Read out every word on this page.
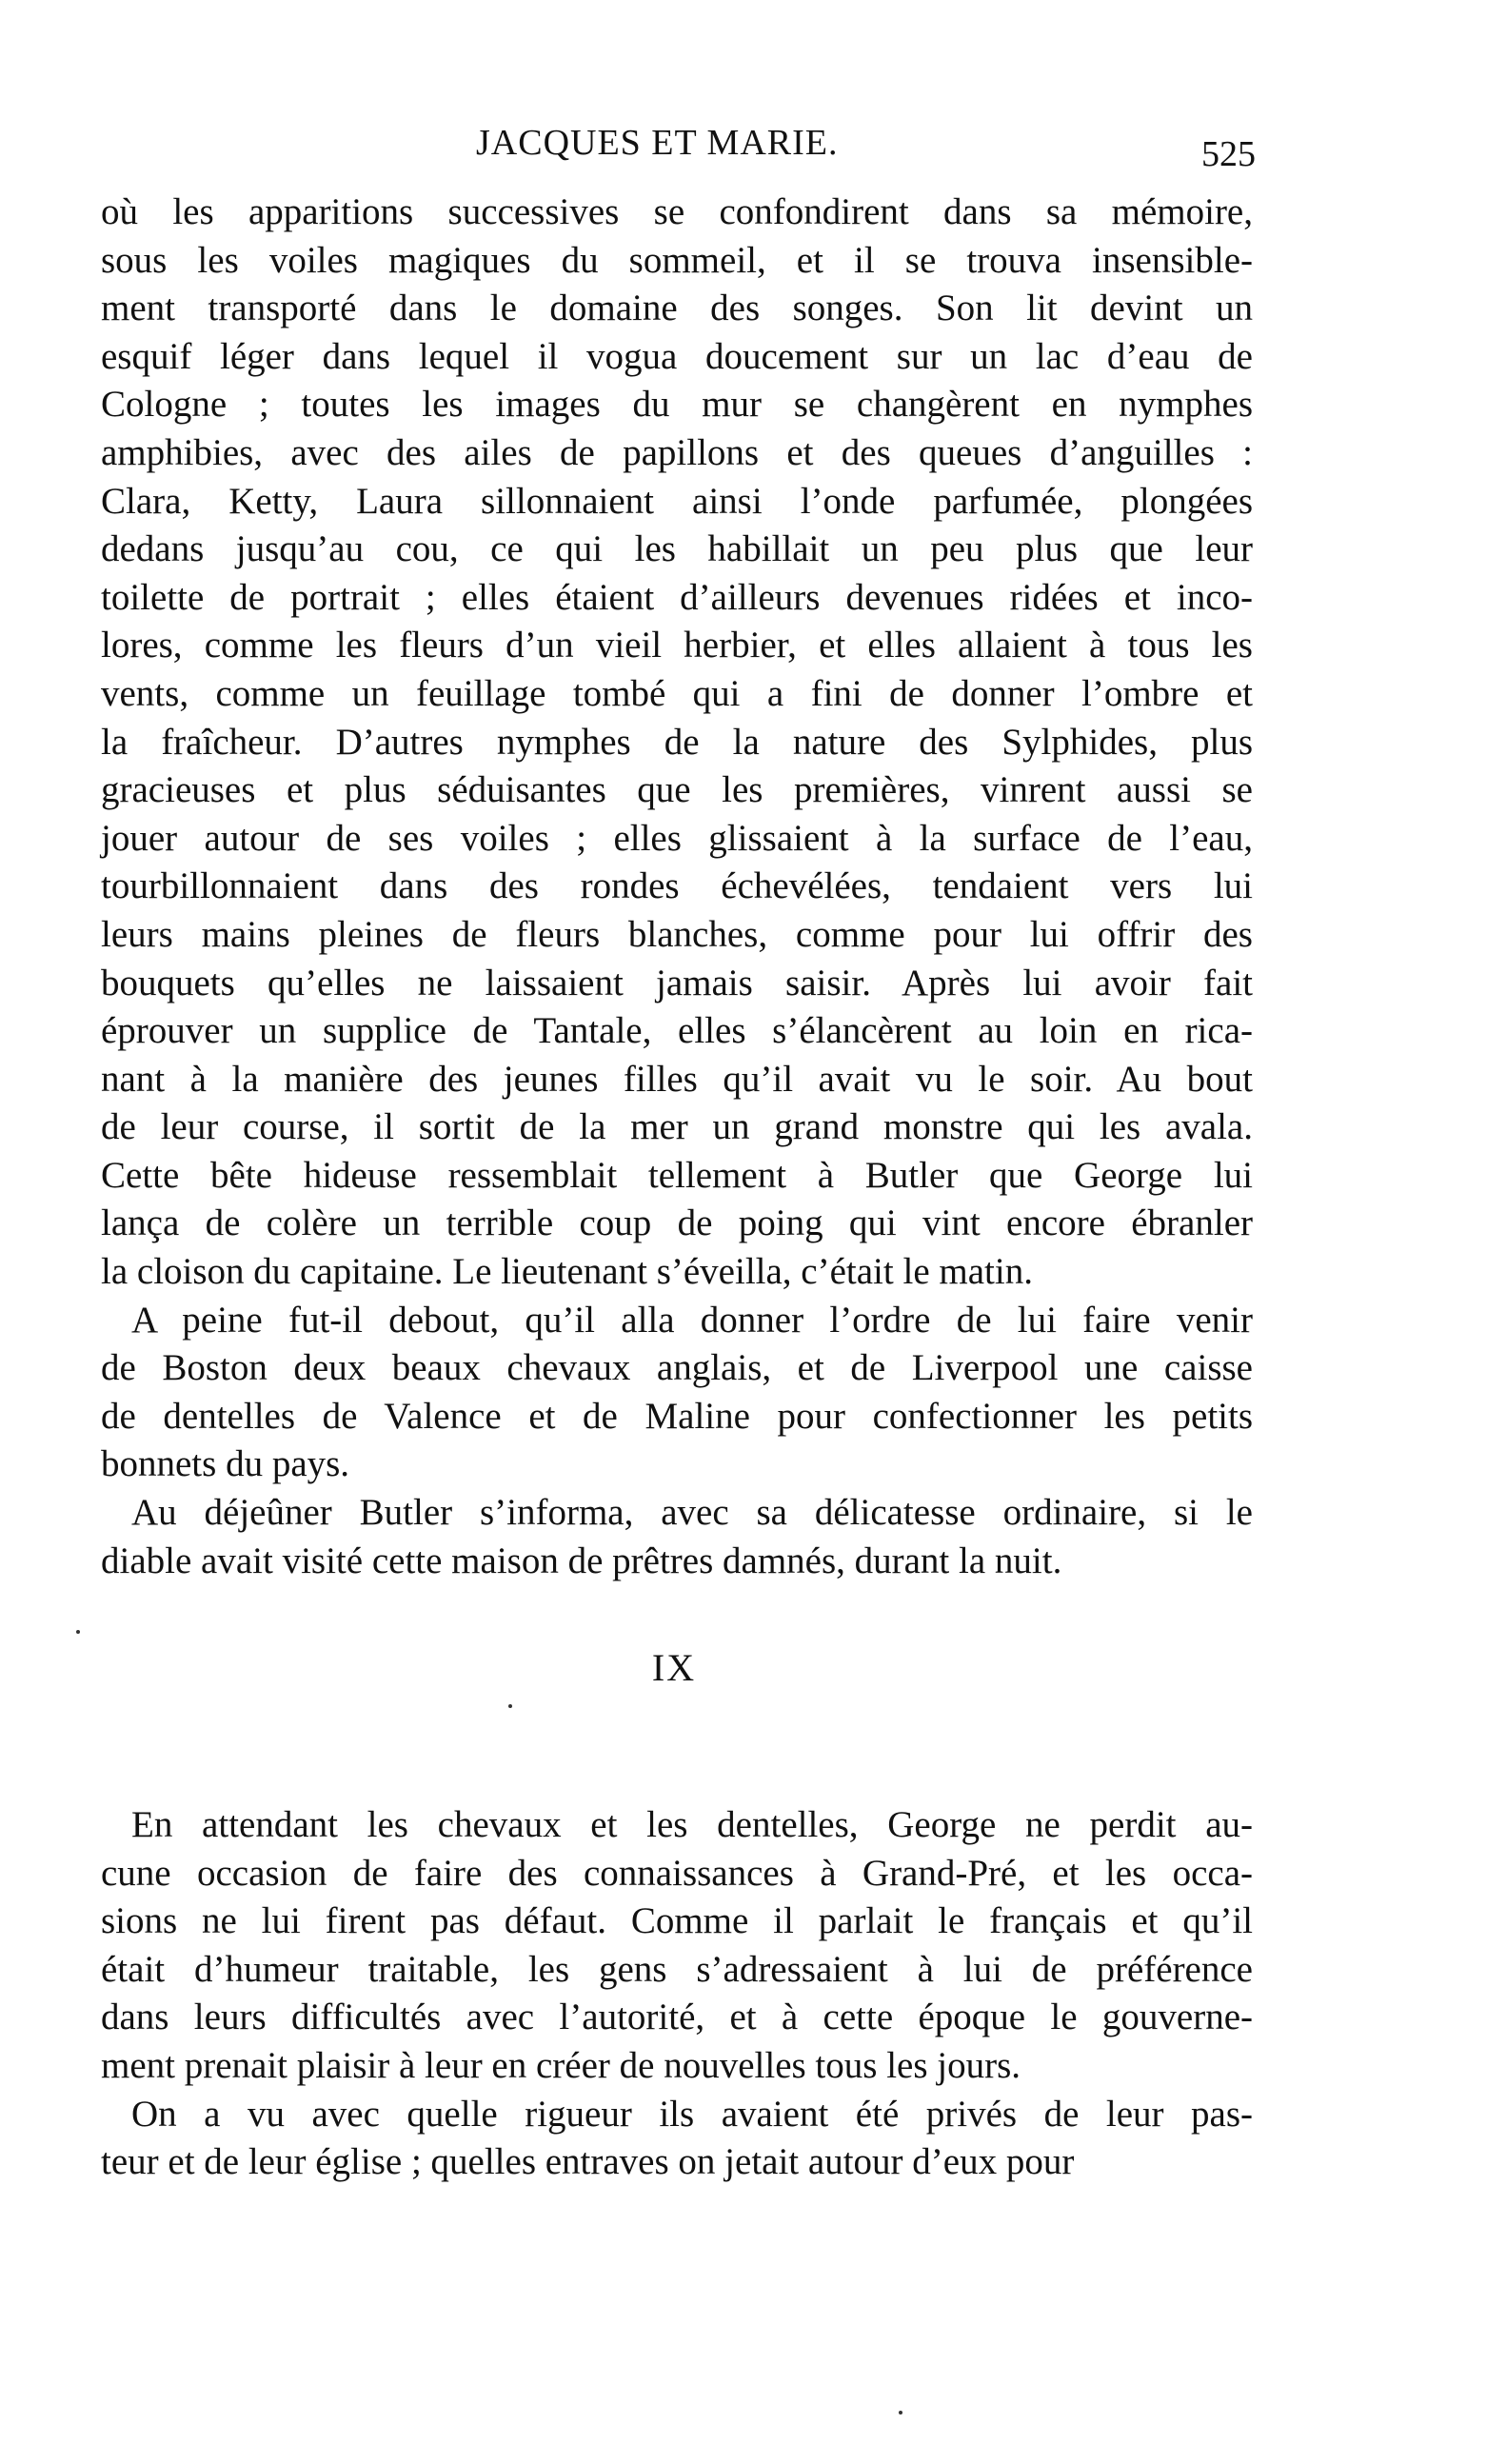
JACQUES ET MARIE.	525
où les apparitions successives se confondirent dans sa mémoire,
sous les voiles magiques du sommeil, et il se trouva insensible-
ment transporté dans le domaine des songes. Son lit devint un
esquif léger dans lequel il vogua doucement sur un lac d’eau de
Cologne ; toutes les images du mur se changèrent en nymphes
amphibies, avec des ailes de papillons et des queues d’anguilles :
Clara, Ketty, Laura sillonnaient ainsi l’onde parfumée, plongées
dedans jusqu’au cou, ce qui les habillait un peu plus que leur
toilette de portrait ; elles étaient d’ailleurs devenues ridées et inco-
lores, comme les fleurs d’un vieil herbier, et elles allaient à tous les
vents, comme un feuillage tombé qui a fini de donner l’ombre et
la fraîcheur. D’autres nymphes de la nature des Sylphides, plus
gracieuses et plus séduisantes que les premières, vinrent aussi se
jouer autour de ses voiles ; elles glissaient à la surface de l’eau,
tourbillonnaient dans des rondes échevélées, tendaient vers lui
leurs mains pleines de fleurs blanches, comme pour lui offrir des
bouquets qu’elles ne laissaient jamais saisir. Après lui avoir fait
éprouver un supplice de Tantale, elles s’élancèrent au loin en rica-
nant à la manière des jeunes filles qu’il avait vu le soir. Au bout
de leur course, il sortit de la mer un grand monstre qui les avala.
Cette bête hideuse ressemblait tellement à Butler que George lui
lança de colère un terrible coup de poing qui vint encore ébranler
la cloison du capitaine. Le lieutenant s’éveilla, c’était le matin.
A peine fut-il debout, qu’il alla donner l’ordre de lui faire venir
de Boston deux beaux chevaux anglais, et de Liverpool une caisse
de dentelles de Valence et de Maline pour confectionner les petits
bonnets du pays.
Au déjeûner Butler s’informa, avec sa délicatesse ordinaire, si le
diable avait visité cette maison de prêtres damnés, durant la nuit.
IX
En attendant les chevaux et les dentelles, George ne perdit au-
cune occasion de faire des connaissances à Grand-Pré, et les occa-
sions ne lui firent pas défaut. Comme il parlait le français et qu’il
était d’humeur traitable, les gens s’adressaient à lui de préférence
dans leurs difficultés avec l’autorité, et à cette époque le gouverne-
ment prenait plaisir à leur en créer de nouvelles tous les jours.
On a vu avec quelle rigueur ils avaient été privés de leur pas-
teur et de leur église ; quelles entraves on jetait autour d’eux pour
